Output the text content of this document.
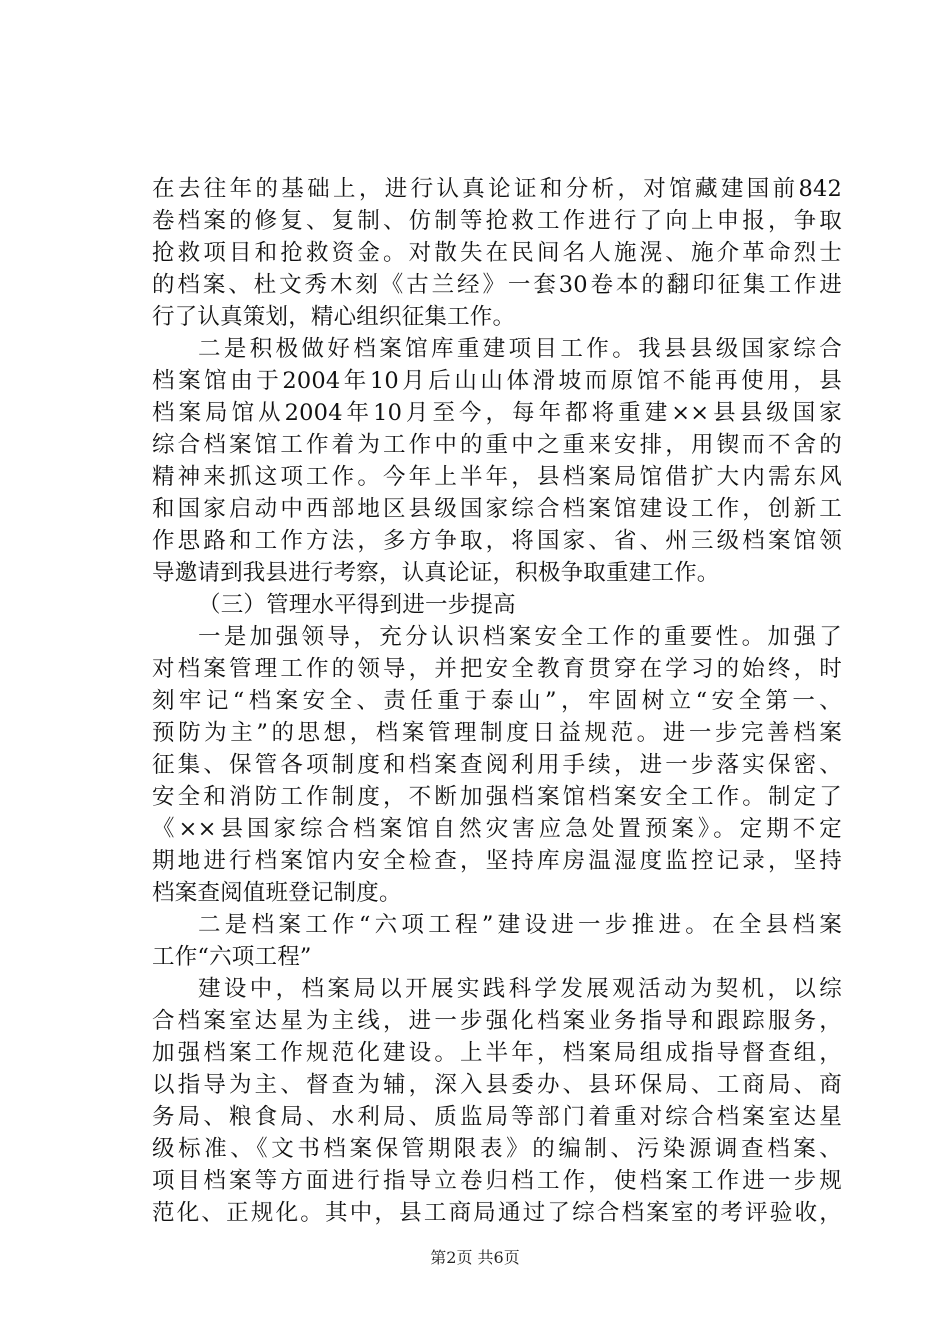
在去往年的基础上，进行认真论证和分析，对馆藏建国前842
卷档案的修复、复制、仿制等抢救工作进行了向上申报，争取
抢救项目和抢救资金。对散失在民间名人施滉、施介革命烈士
的档案、杜文秀木刻《古兰经》一套30卷本的翻印征集工作进
行了认真策划，精心组织征集工作。
二是积极做好档案馆库重建项目工作。我县县级国家综合
档案馆由于2004年10月后山山体滑坡而原馆不能再使用，县
档案局馆从2004年10月至今，每年都将重建××县县级国家
综合档案馆工作着为工作中的重中之重来安排，用锲而不舍的
精神来抓这项工作。今年上半年，县档案局馆借扩大内需东风
和国家启动中西部地区县级国家综合档案馆建设工作，创新工
作思路和工作方法，多方争取，将国家、省、州三级档案馆领
导邀请到我县进行考察，认真论证，积极争取重建工作。
（三）管理水平得到进一步提高
一是加强领导，充分认识档案安全工作的重要性。加强了
对档案管理工作的领导，并把安全教育贯穿在学习的始终，时
刻牢记“档案安全、责任重于泰山”，牢固树立“安全第一、
预防为主”的思想，档案管理制度日益规范。进一步完善档案
征集、保管各项制度和档案查阅利用手续，进一步落实保密、
安全和消防工作制度，不断加强档案馆档案安全工作。制定了
《××县国家综合档案馆自然灾害应急处置预案》。定期不定
期地进行档案馆内安全检查，坚持库房温湿度监控记录，坚持
档案查阅值班登记制度。
二是档案工作“六项工程”建设进一步推进。在全县档案
工作“六项工程”
建设中，档案局以开展实践科学发展观活动为契机，以综
合档案室达星为主线，进一步强化档案业务指导和跟踪服务，
加强档案工作规范化建设。上半年，档案局组成指导督查组，
以指导为主、督查为辅，深入县委办、县环保局、工商局、商
务局、粮食局、水利局、质监局等部门着重对综合档案室达星
级标准、《文书档案保管期限表》的编制、污染源调查档案、
项目档案等方面进行指导立卷归档工作，使档案工作进一步规
范化、正规化。其中，县工商局通过了综合档案室的考评验收，
第2页 共6页
